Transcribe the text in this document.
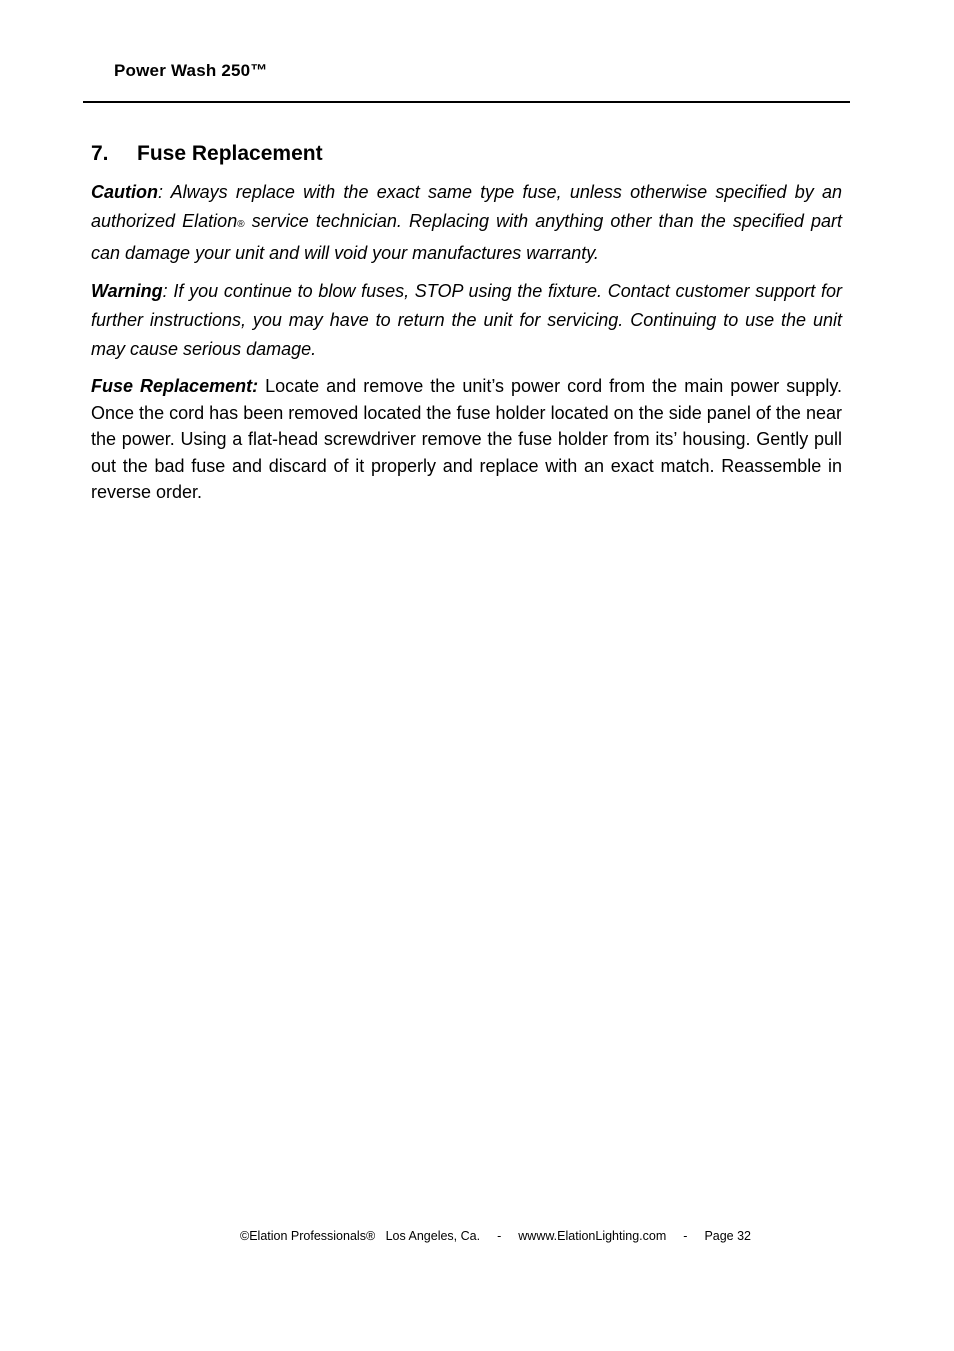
Power Wash 250™
7. Fuse Replacement

Caution: Always replace with the exact same type fuse, unless otherwise specified by an authorized Elation® service technician. Replacing with anything other than the specified part can damage your unit and will void your manufactures warranty.

Warning: If you continue to blow fuses, STOP using the fixture. Contact customer support for further instructions, you may have to return the unit for servicing. Continuing to use the unit may cause serious damage.

Fuse Replacement: Locate and remove the unit’s power cord from the main power supply. Once the cord has been removed located the fuse holder located on the side panel of the near the power. Using a flat-head screwdriver remove the fuse holder from its’ housing. Gently pull out the bad fuse and discard of it properly and replace with an exact match. Reassemble in reverse order.

©Elation Professionals® Los Angeles, Ca. - wwww.ElationLighting.com - Page 32
